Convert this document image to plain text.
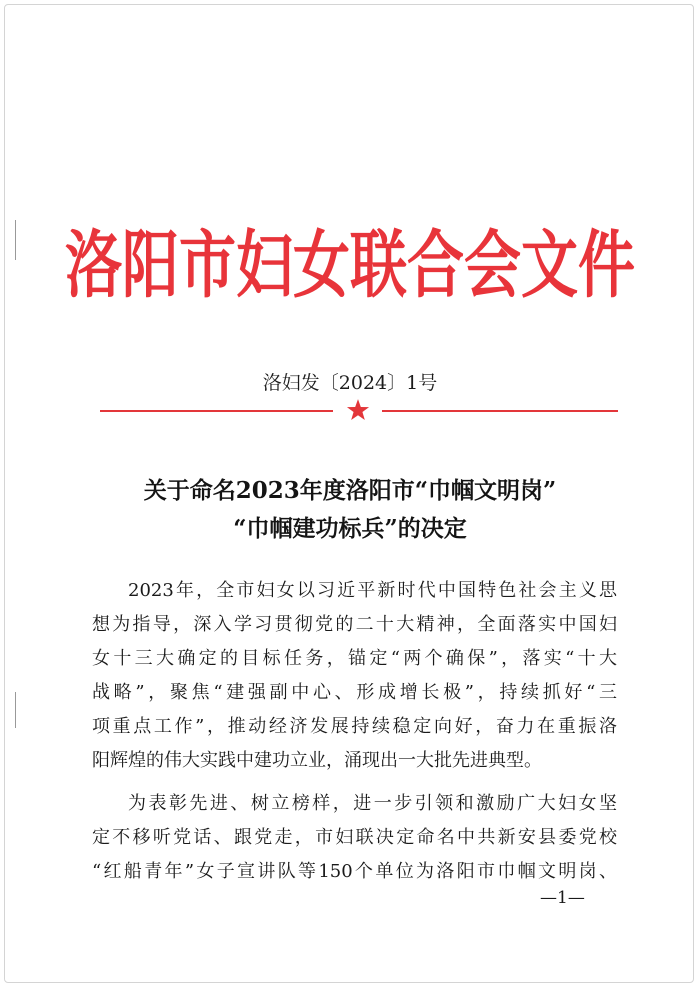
洛阳市妇女联合会文件
洛妇发〔2024〕1号
关于命名2023年度洛阳市“巾帼文明岗”
“巾帼建功标兵”的决定
2023年，全市妇女以习近平新时代中国特色社会主义思
想为指导，深入学习贯彻党的二十大精神，全面落实中国妇
女十三大确定的目标任务，锚定“两个确保”，落实“十大
战略”，聚焦“建强副中心、形成增长极”，持续抓好“三
项重点工作”，推动经济发展持续稳定向好，奋力在重振洛
阳辉煌的伟大实践中建功立业，涌现出一大批先进典型。
为表彰先进、树立榜样，进一步引领和激励广大妇女坚
定不移听党话、跟党走，市妇联决定命名中共新安县委党校
“红船青年”女子宣讲队等150个单位为洛阳市巾帼文明岗、
—1—
